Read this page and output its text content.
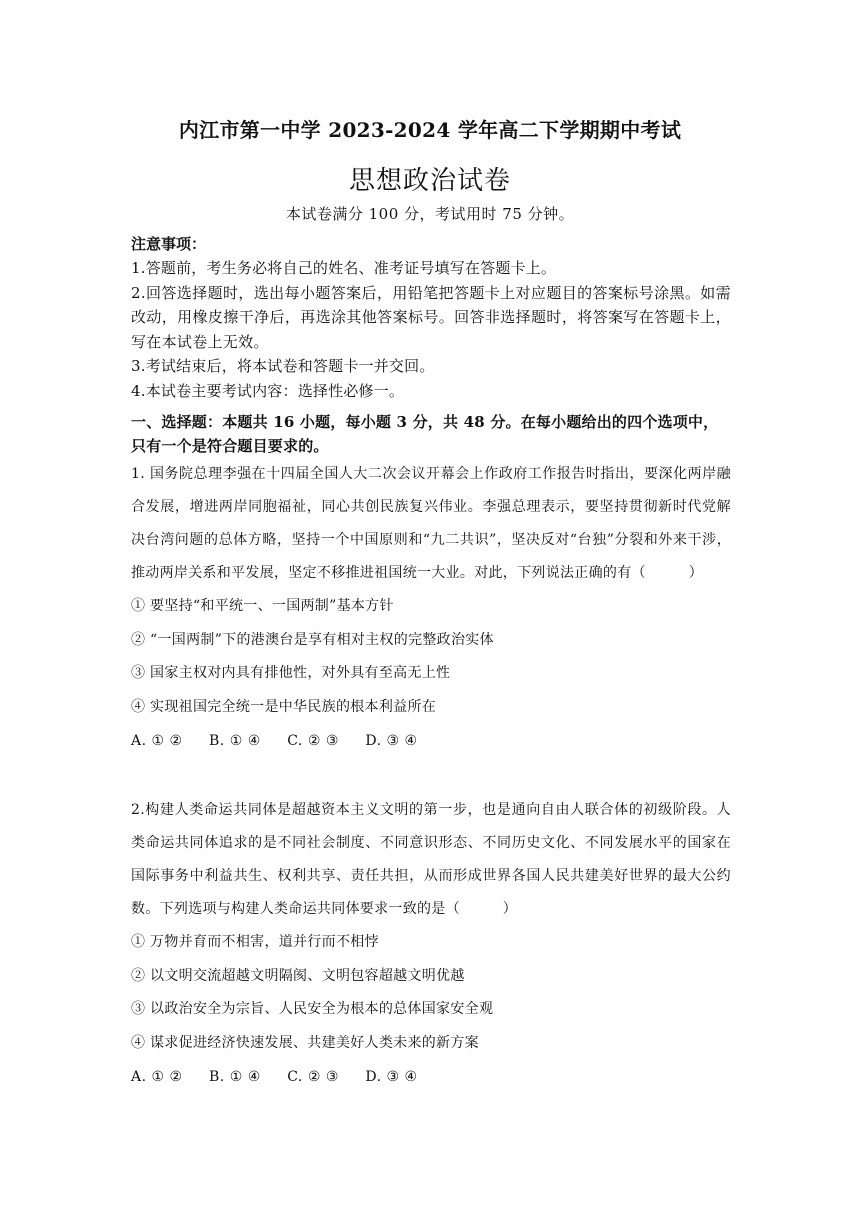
内江市第一中学 2023-2024 学年高二下学期期中考试
思想政治试卷
本试卷满分 100 分，考试用时 75 分钟。
注意事项：
1.答题前，考生务必将自己的姓名、准考证号填写在答题卡上。
2.回答选择题时，选出每小题答案后，用铅笔把答题卡上对应题目的答案标号涂黑。如需改动，用橡皮擦干净后，再选涂其他答案标号。回答非选择题时，将答案写在答题卡上，写在本试卷上无效。
3.考试结束后，将本试卷和答题卡一并交回。
4.本试卷主要考试内容：选择性必修一。
一、选择题：本题共 16 小题，每小题 3 分，共 48 分。在每小题给出的四个选项中，只有一个是符合题目要求的。
1. 国务院总理李强在十四届全国人大二次会议开幕会上作政府工作报告时指出，要深化两岸融合发展，增进两岸同胞福祉，同心共创民族复兴伟业。李强总理表示，要坚持贯彻新时代党解决台湾问题的总体方略，坚持一个中国原则和“九二共识”，坚决反对“台独”分裂和外来干涉，推动两岸关系和平发展，坚定不移推进祖国统一大业。对此，下列说法正确的有（　　　）
① 要坚持“和平统一、一国两制”基本方针
② “一国两制”下的港澳台是享有相对主权的完整政治实体
③ 国家主权对内具有排他性，对外具有至高无上性
④ 实现祖国完全统一是中华民族的根本利益所在
A. ① ② B. ① ④ C. ② ③ D. ③ ④
2.构建人类命运共同体是超越资本主义文明的第一步，也是通向自由人联合体的初级阶段。人类命运共同体追求的是不同社会制度、不同意识形态、不同历史文化、不同发展水平的国家在国际事务中利益共生、权利共享、责任共担，从而形成世界各国人民共建美好世界的最大公约数。下列选项与构建人类命运共同体要求一致的是（　　　）
① 万物并育而不相害，道并行而不相悖
② 以文明交流超越文明隔阂、文明包容超越文明优越
③ 以政治安全为宗旨、人民安全为根本的总体国家安全观
④ 谋求促进经济快速发展、共建美好人类未来的新方案
A. ① ② B. ① ④ C. ② ③ D. ③ ④
